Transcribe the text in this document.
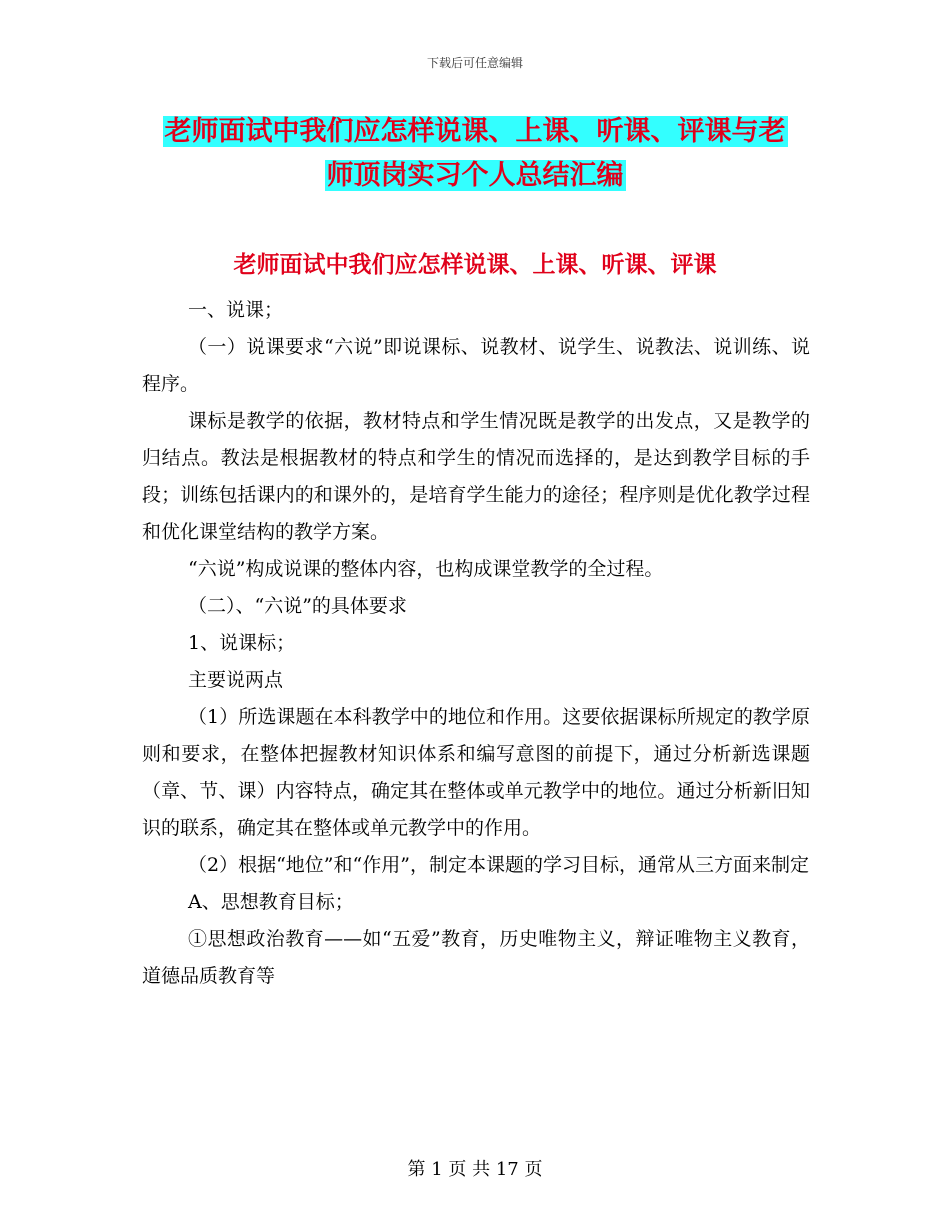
下载后可任意编辑
老师面试中我们应怎样说课、上课、听课、评课与老
师顶岗实习个人总结汇编
老师面试中我们应怎样说课、上课、听课、评课

一、说课；

（一）说课要求“六说”即说课标、说教材、说学生、说教法、说训练、说程序。

课标是教学的依据，教材特点和学生情况既是教学的出发点，又是教学的归结点。教法是根据教材的特点和学生的情况而选择的，是达到教学目标的手段；训练包括课内的和课外的，是培育学生能力的途径；程序则是优化教学过程和优化课堂结构的教学方案。

“六说”构成说课的整体内容，也构成课堂教学的全过程。

（二）、“六说”的具体要求

1、说课标；

主要说两点

（1）所选课题在本科教学中的地位和作用。这要依据课标所规定的教学原则和要求，在整体把握教材知识体系和编写意图的前提下，通过分析新选课题（章、节、课）内容特点，确定其在整体或单元教学中的地位。通过分析新旧知识的联系，确定其在整体或单元教学中的作用。

（2）根据“地位”和“作用”，制定本课题的学习目标，通常从三方面来制定

A、思想教育目标；

①思想政治教育——如“五爱”教育，历史唯物主义，辩证唯物主义教育，道德品质教育等

第 1 页 共 17 页
